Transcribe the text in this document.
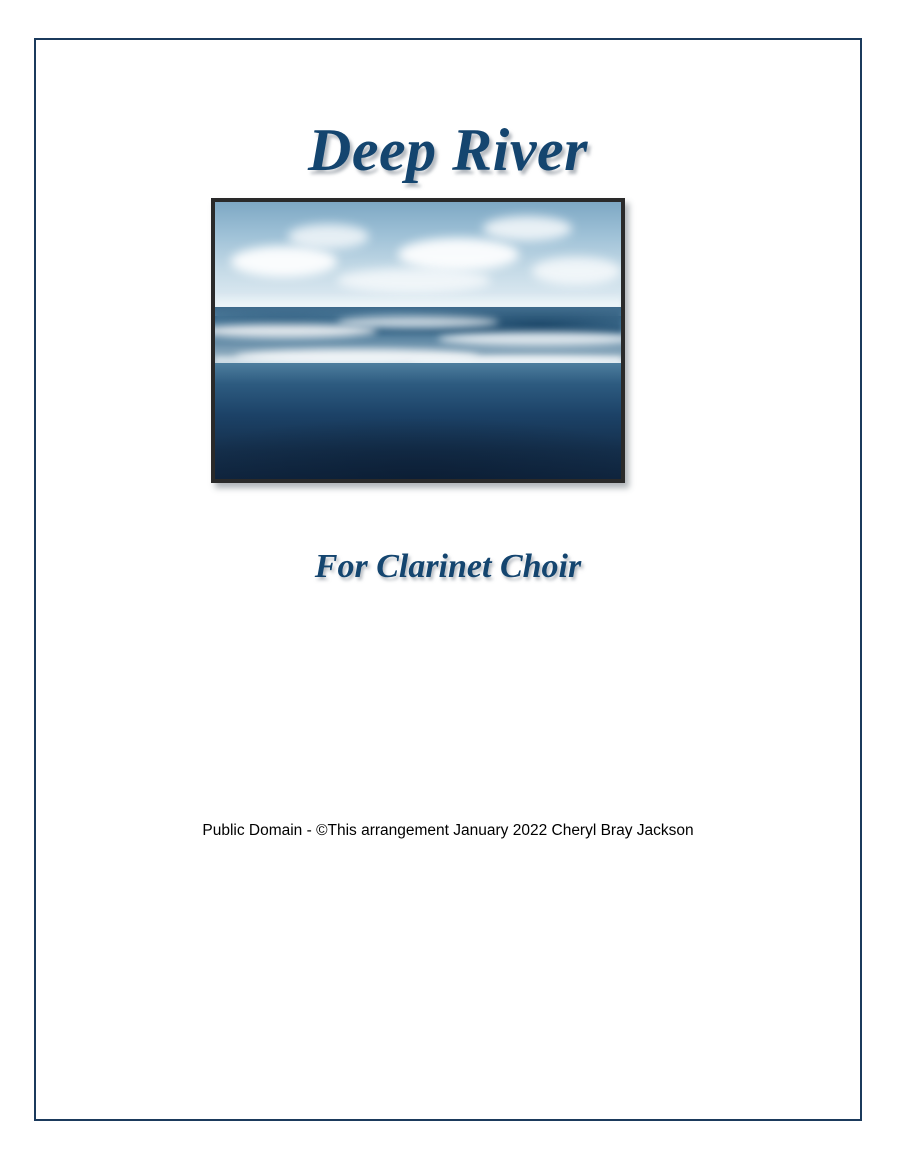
Deep River
For Clarinet Choir
Public Domain - ©This arrangement January 2022 Cheryl Bray Jackson
